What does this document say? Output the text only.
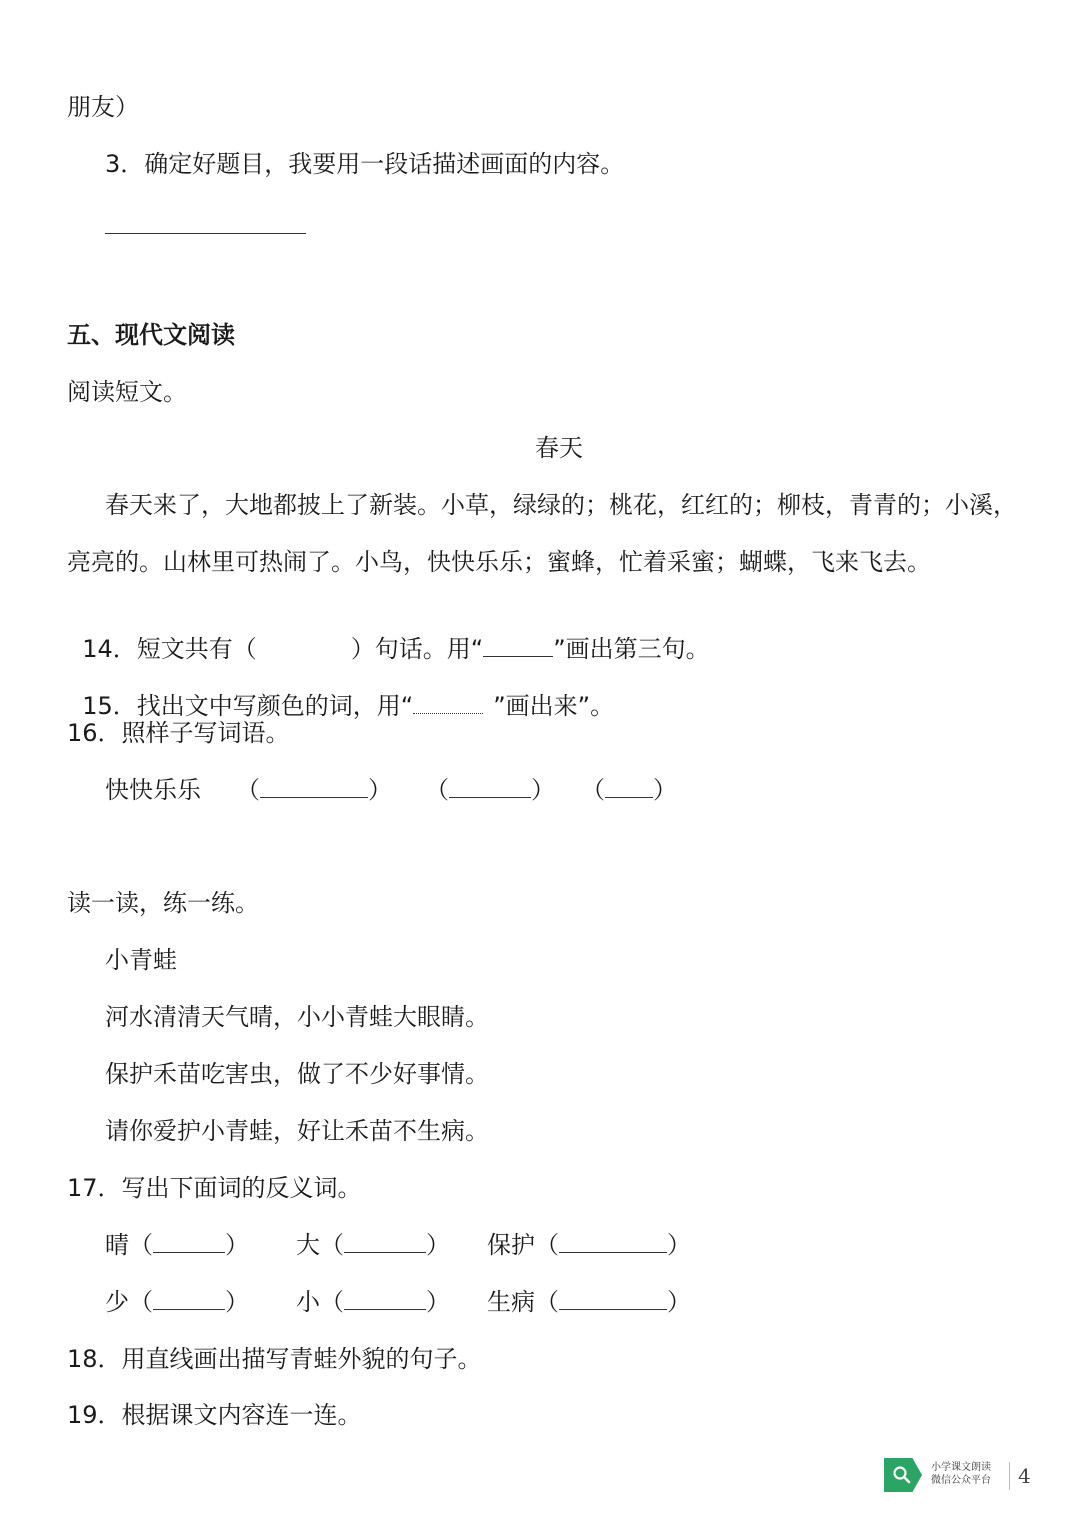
朋友）
3．确定好题目，我要用一段话描述画面的内容。
五、现代文阅读
阅读短文。
春天
春天来了，大地都披上了新装。小草，绿绿的；桃花，红红的；柳枝，青青的；小溪，
亮亮的。山林里可热闹了。小鸟，快快乐乐；蜜蜂，忙着采蜜；蝴蝶，飞来飞去。

14．短文共有（	）句话。用“	”画出第三句。

15．找出文中写颜色的词，用“	”画出来”。

16．照样子写词语。
快快乐乐 （	） （	） （ ）
读一读，练一练。
小青蛙
河水清清天气晴，小小青蛙大眼睛。
保护禾苗吃害虫，做了不少好事情。
请你爱护小青蛙，好让禾苗不生病。
17．写出下面词的反义词。
晴（	） 大（	） 保护（	）
少（	） 小（	） 生病（	）
18．用直线画出描写青蛙外貌的句子。
19．根据课文内容连一连。
小学课文朗读
微信公众平台 4
